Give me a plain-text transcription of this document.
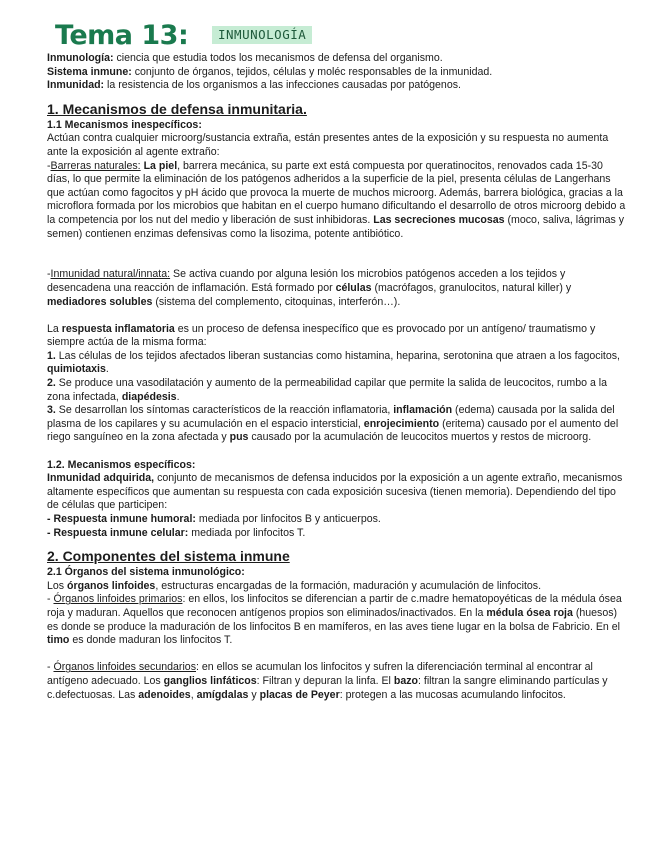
Tema 13:	INMUNOLOGÍA

Inmunología: ciencia que estudia todos los mecanismos de defensa del organismo.

Sistema inmune: conjunto de órganos, tejidos, células y moléc responsables de la inmunidad.

Inmunidad: la resistencia de los organismos a las infecciones causadas por patógenos.

1. Mecanismos de defensa inmunitaria.
1.1 Mecanismos inespecíficos:

Actúan contra cualquier microorg/sustancia extraña, están presentes antes de la exposición y su respuesta no aumenta ante la exposición al agente extraño:

-Barreras naturales: La piel, barrera mecánica, su parte ext está compuesta por queratinocitos, renovados cada 15-30 días, lo que permite la eliminación de los patógenos adheridos a la superficie de la piel, presenta células de Langerhans que actúan como fagocitos y pH ácido que provoca la muerte de muchos microorg. Además, barrera biológica, gracias a la microflora formada por los microbios que habitan en el cuerpo humano dificultando el desarrollo de otros microorg debido a la competencia por los nut del medio y liberación de sust inhibidoras. Las secreciones mucosas (moco, saliva, lágrimas y semen) contienen enzimas defensivas como la lisozima, potente antibiótico.

-Inmunidad natural/innata: Se activa cuando por alguna lesión los microbios patógenos acceden a los tejidos y desencadena una reacción de inflamación. Está formado por células (macrófagos, granulocitos, natural killer) y mediadores solubles (sistema del complemento, citoquinas, interferón…).

La respuesta inflamatoria es un proceso de defensa inespecífico que es provocado por un antígeno/ traumatismo y siempre actúa de la misma forma:

1. Las células de los tejidos afectados liberan sustancias como histamina, heparina, serotonina que atraen a los fagocitos, quimiotaxis.

2. Se produce una vasodilatación y aumento de la permeabilidad capilar que permite la salida de leucocitos, rumbo a la zona infectada, diapédesis.

3. Se desarrollan los síntomas característicos de la reacción inflamatoria, inflamación (edema) causada por la salida del plasma de los capilares y su acumulación en el espacio intersticial, enrojecimiento (eritema) causado por el aumento del riego sanguíneo en la zona afectada y pus causado por la acumulación de leucocitos muertos y restos de microorg.

1.2. Mecanismos específicos:

Inmunidad adquirida, conjunto de mecanismos de defensa inducidos por la exposición a un agente extraño, mecanismos altamente específicos que aumentan su respuesta con cada exposición sucesiva (tienen memoria). Dependiendo del tipo de células que participen:

- Respuesta inmune humoral: mediada por linfocitos B y anticuerpos.

- Respuesta inmune celular: mediada por linfocitos T.

2. Componentes del sistema inmune
2.1 Órganos del sistema inmunológico:

Los órganos linfoides, estructuras encargadas de la formación, maduración y acumulación de linfocitos.

- Órganos linfoides primarios: en ellos, los linfocitos se diferencian a partir de c.madre hematopoyéticas de la médula ósea roja y maduran. Aquellos que reconocen antígenos propios son eliminados/inactivados. En la médula ósea roja (huesos) es donde se produce la maduración de los linfocitos B en mamíferos, en las aves tiene lugar en la bolsa de Fabricio. En el timo es donde maduran los linfocitos T.

- Órganos linfoides secundarios: en ellos se acumulan los linfocitos y sufren la diferenciación terminal al encontrar al antígeno adecuado. Los ganglios linfáticos: Filtran y depuran la linfa. El bazo: filtran la sangre eliminando partículas y c.defectuosas. Las adenoides, amígdalas y placas de Peyer: protegen a las mucosas acumulando linfocitos.
